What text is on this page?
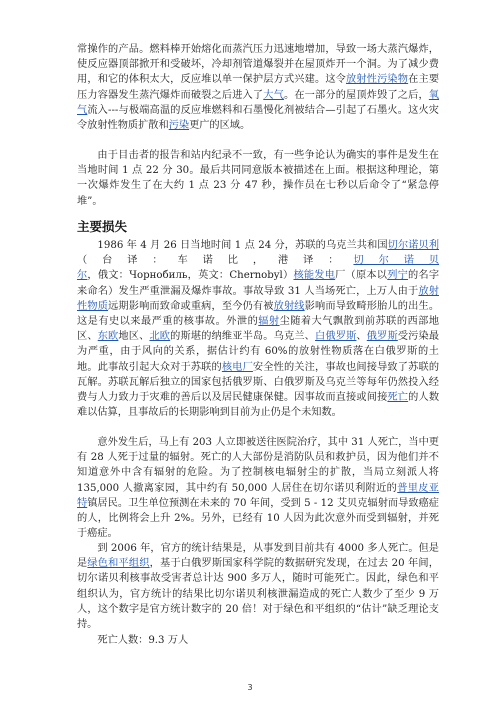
常操作的产品。燃料棒开始熔化而蒸汽压力迅速地增加，导致一场大蒸汽爆炸，使反应器顶部掀开和受破坏，冷却剂管道爆裂并在屋顶炸开一个洞。为了减少费用，和它的体积太大，反应堆以单一保护层方式兴建。这令放射性污染物在主要压力容器发生蒸汽爆炸而破裂之后进入了大气。在一部分的屋顶炸毁了之后，氧气流入---与极端高温的反应堆燃料和石墨慢化剂被结合—引起了石墨火。这火灾令放射性物质扩散和污染更广的区域。

由于目击者的报告和站内纪录不一致，有一些争论认为确实的事件是发生在当地时间 1 点 22 分 30。最后共同同意版本被描述在上面。根据这种理论，第一次爆炸发生了在大约 1 点 23 分 47 秒，操作员在七秒以后命令了“紧急停堆”。

主要损失

1986 年 4 月 26 日当地时间 1 点 24 分，苏联的乌克兰共和国切尔诺贝利（台译：车诺比，港译：切尔诺贝尔，俄文：Чорнобиль，英文：Chernobyl）核能发电厂（原本以列宁的名字来命名）发生严重泄漏及爆炸事故。事故导致 31 人当场死亡，上万人由于放射性物质远期影响而致命或重病，至今仍有被放射线影响而导致畸形胎儿的出生。这是有史以来最严重的核事故。外泄的辐射尘随着大气飘散到前苏联的西部地区、东欧地区、北欧的斯堪的纳维亚半岛。乌克兰、白俄罗斯、俄罗斯受污染最为严重，由于风向的关系，据估计约有 60%的放射性物质落在白俄罗斯的土地。此事故引起大众对于苏联的核电厂安全性的关注，事故也间接导致了苏联的瓦解。苏联瓦解后独立的国家包括俄罗斯、白俄罗斯及乌克兰等每年仍然投入经费与人力致力于灾难的善后以及居民健康保健。因事故而直接或间接死亡的人数难以估算，且事故后的长期影响到目前为止仍是个未知数。

意外发生后，马上有 203 人立即被送往医院治疗，其中 31 人死亡，当中更有 28 人死于过量的辐射。死亡的人大部份是消防队员和救护员，因为他们并不知道意外中含有辐射的危险。为了控制核电辐射尘的扩散，当局立刻派人将 135,000 人撤离家园，其中约有 50,000 人居住在切尔诺贝利附近的普里皮亚特镇居民。卫生单位预测在未来的 70 年间，受到 5 - 12 艾贝克辐射而导致癌症的人，比例将会上升 2%。另外，已经有 10 人因为此次意外而受到辐射，并死于癌症。

到 2006 年，官方的统计结果是，从事发到目前共有 4000 多人死亡。但是是绿色和平组织，基于白俄罗斯国家科学院的数据研究发现，在过去 20 年间，切尔诺贝利核事故受害者总计达 900 多万人，随时可能死亡。因此，绿色和平组织认为，官方统计的结果比切尔诺贝利核泄漏造成的死亡人数少了至少 9 万人，这个数字是官方统计数字的 20 倍！对于绿色和平组织的“估计”缺乏理论支持。

死亡人数：9.3 万人

3
